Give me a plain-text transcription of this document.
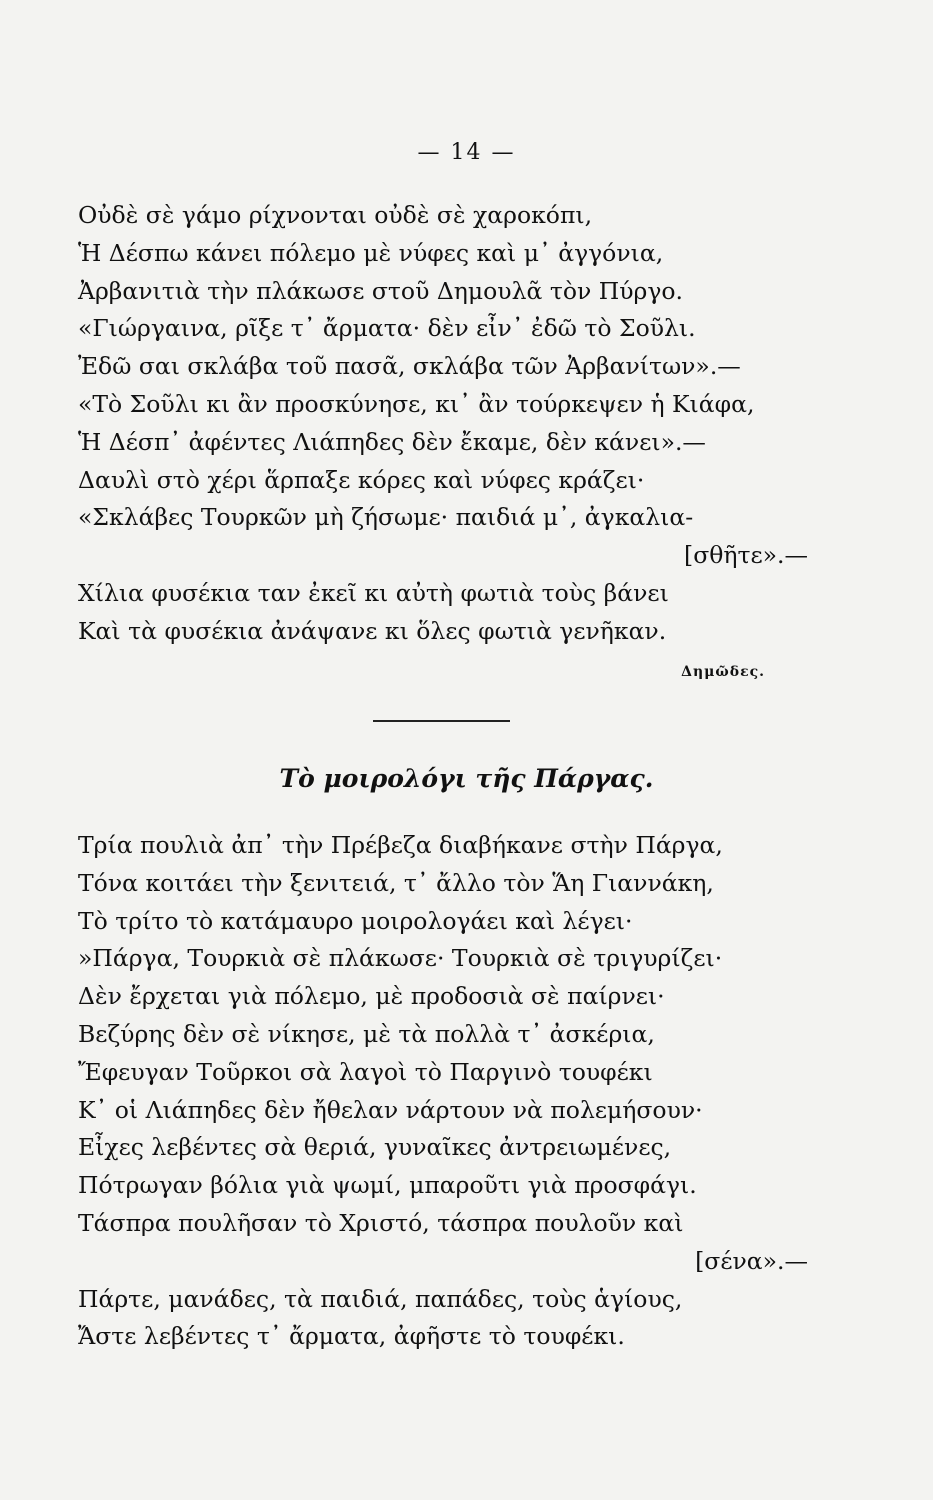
— 14 —
Οὐδὲ σὲ γάμο ρίχνονται οὐδὲ σὲ χαροκόπι,
Ἡ Δέσπω κάνει πόλεμο μὲ νύφες καὶ μ᾽ ἀγγόνια,
Ἀρβανιτιὰ τὴν πλάκωσε στοῦ Δημουλᾶ τὸν Πύργο.
«Γιώργαινα, ρῖξε τ᾽ ἄρματα· δὲν εἶν᾽ ἐδῶ τὸ Σοῦλι.
Ἐδῶ σαι σκλάβα τοῦ πασᾶ, σκλάβα τῶν Ἀρβανίτων».—
«Τὸ Σοῦλι κι ἂν προσκύνησε, κι᾽ ἂν τούρκεψεν ἡ Κιάφα,
Ἡ Δέσπ᾽ ἀφέντες Λιάπηδες δὲν ἔκαμε, δὲν κάνει».—
Δαυλὶ στὸ χέρι ἅρπαξε κόρες καὶ νύφες κράζει·
«Σκλάβες Τουρκῶν μὴ ζήσωμε· παιδιά μ᾽, ἀγκαλια-
[σθῆτε».—
Χίλια φυσέκια ταν ἐκεῖ κι αὐτὴ φωτιὰ τοὺς βάνει
Καὶ τὰ φυσέκια ἀνάψανε κι ὅλες φωτιὰ γενῆκαν.
Δημῶδες.
Τὸ μοιρολόγι τῆς Πάργας.
Τρία πουλιὰ ἀπ᾽ τὴν Πρέβεζα διαβήκανε στὴν Πάργα,
Τόνα κοιτάει τὴν ξενιτειά, τ᾽ ἄλλο τὸν Ἅη Γιαννάκη,
Τὸ τρίτο τὸ κατάμαυρο μοιρολογάει καὶ λέγει·
»Πάργα, Τουρκιὰ σὲ πλάκωσε· Τουρκιὰ σὲ τριγυρίζει·
Δὲν ἔρχεται γιὰ πόλεμο, μὲ προδοσιὰ σὲ παίρνει·
Βεζύρης δὲν σὲ νίκησε, μὲ τὰ πολλὰ τ᾽ ἀσκέρια,
Ἔφευγαν Τοῦρκοι σὰ λαγοὶ τὸ Παργινὸ τουφέκι
Κ᾽ οἱ Λιάπηδες δὲν ἤθελαν νάρτουν νὰ πολεμήσουν·
Εἶχες λεβέντες σὰ θεριά, γυναῖκες ἀντρειωμένες,
Πότρωγαν βόλια γιὰ ψωμί, μπαροῦτι γιὰ προσφάγι.
Τάσπρα πουλῆσαν τὸ Χριστό, τάσπρα πουλοῦν καὶ
[σένα».—
Πάρτε, μανάδες, τὰ παιδιά, παπάδες, τοὺς ἁγίους,
Ἄστε λεβέντες τ᾽ ἄρματα, ἀφῆστε τὸ τουφέκι.
